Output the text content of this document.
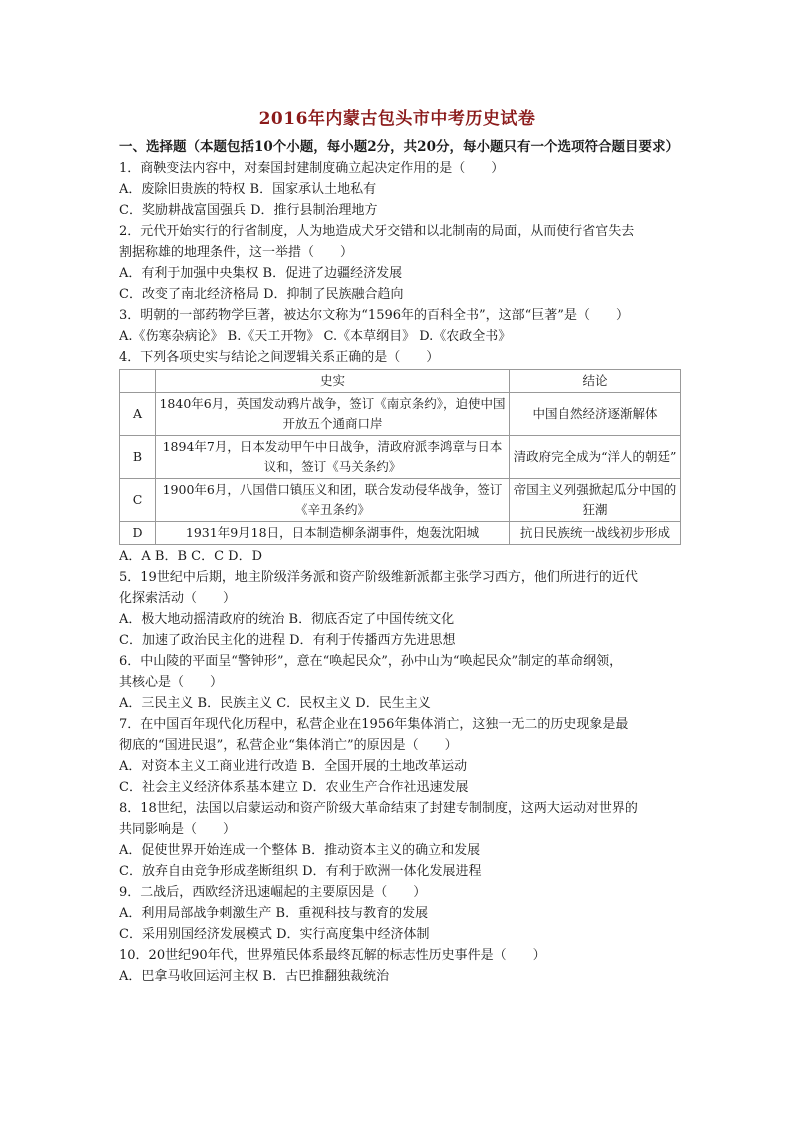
2016年内蒙古包头市中考历史试卷

一、选择题（本题包括10个小题，每小题2分，共20分，每小题只有一个选项符合题目要求）

1．商鞅变法内容中，对秦国封建制度确立起决定作用的是（　　）

A．废除旧贵族的特权 B．国家承认土地私有

C．奖励耕战富国强兵 D．推行县制治理地方

2．元代开始实行的行省制度，人为地造成犬牙交错和以北制南的局面，从而使行省官失去

割据称雄的地理条件，这一举措（　　）

A．有利于加强中央集权 B．促进了边疆经济发展

C．改变了南北经济格局 D．抑制了民族融合趋向

3．明朝的一部药物学巨著，被达尔文称为“1596年的百科全书”，这部“巨著”是（　　）

A.《伤寒杂病论》 B.《天工开物》 C.《本草纲目》 D.《农政全书》

4．下列各项史实与结论之间逻辑关系正确的是（　　）

	史实	结论
A	1840年6月，英国发动鸦片战争，签订《南京条约》，迫使中国开放五个通商口岸	中国自然经济逐渐解体
B	1894年7月，日本发动甲午中日战争，清政府派李鸿章与日本议和，签订《马关条约》	清政府完全成为“洋人的朝廷”
C	1900年6月，八国借口镇压义和团，联合发动侵华战争，签订《辛丑条约》	帝国主义列强掀起瓜分中国的狂潮
D	1931年9月18日，日本制造柳条湖事件，炮轰沈阳城	抗日民族统一战线初步形成

A．A B．B C．C D．D

5．19世纪中后期，地主阶级洋务派和资产阶级维新派都主张学习西方，他们所进行的近代

化探索活动（　　）

A．极大地动摇清政府的统治 B．彻底否定了中国传统文化

C．加速了政治民主化的进程 D．有利于传播西方先进思想

6．中山陵的平面呈“警钟形”，意在“唤起民众”，孙中山为“唤起民众”制定的革命纲领，

其核心是（　　）

A．三民主义 B．民族主义 C．民权主义 D．民生主义

7．在中国百年现代化历程中，私营企业在1956年集体消亡，这独一无二的历史现象是最

彻底的“国进民退”，私营企业“集体消亡”的原因是（　　）

A．对资本主义工商业进行改造 B．全国开展的土地改革运动

C．社会主义经济体系基本建立 D．农业生产合作社迅速发展

8．18世纪，法国以启蒙运动和资产阶级大革命结束了封建专制制度，这两大运动对世界的

共同影响是（　　）

A．促使世界开始连成一个整体 B．推动资本主义的确立和发展

C．放弃自由竞争形成垄断组织 D．有利于欧洲一体化发展进程

9．二战后，西欧经济迅速崛起的主要原因是（　　）

A．利用局部战争刺激生产 B．重视科技与教育的发展

C．采用别国经济发展模式 D．实行高度集中经济体制

10．20世纪90年代，世界殖民体系最终瓦解的标志性历史事件是（　　）

A．巴拿马收回运河主权 B．古巴推翻独裁统治
